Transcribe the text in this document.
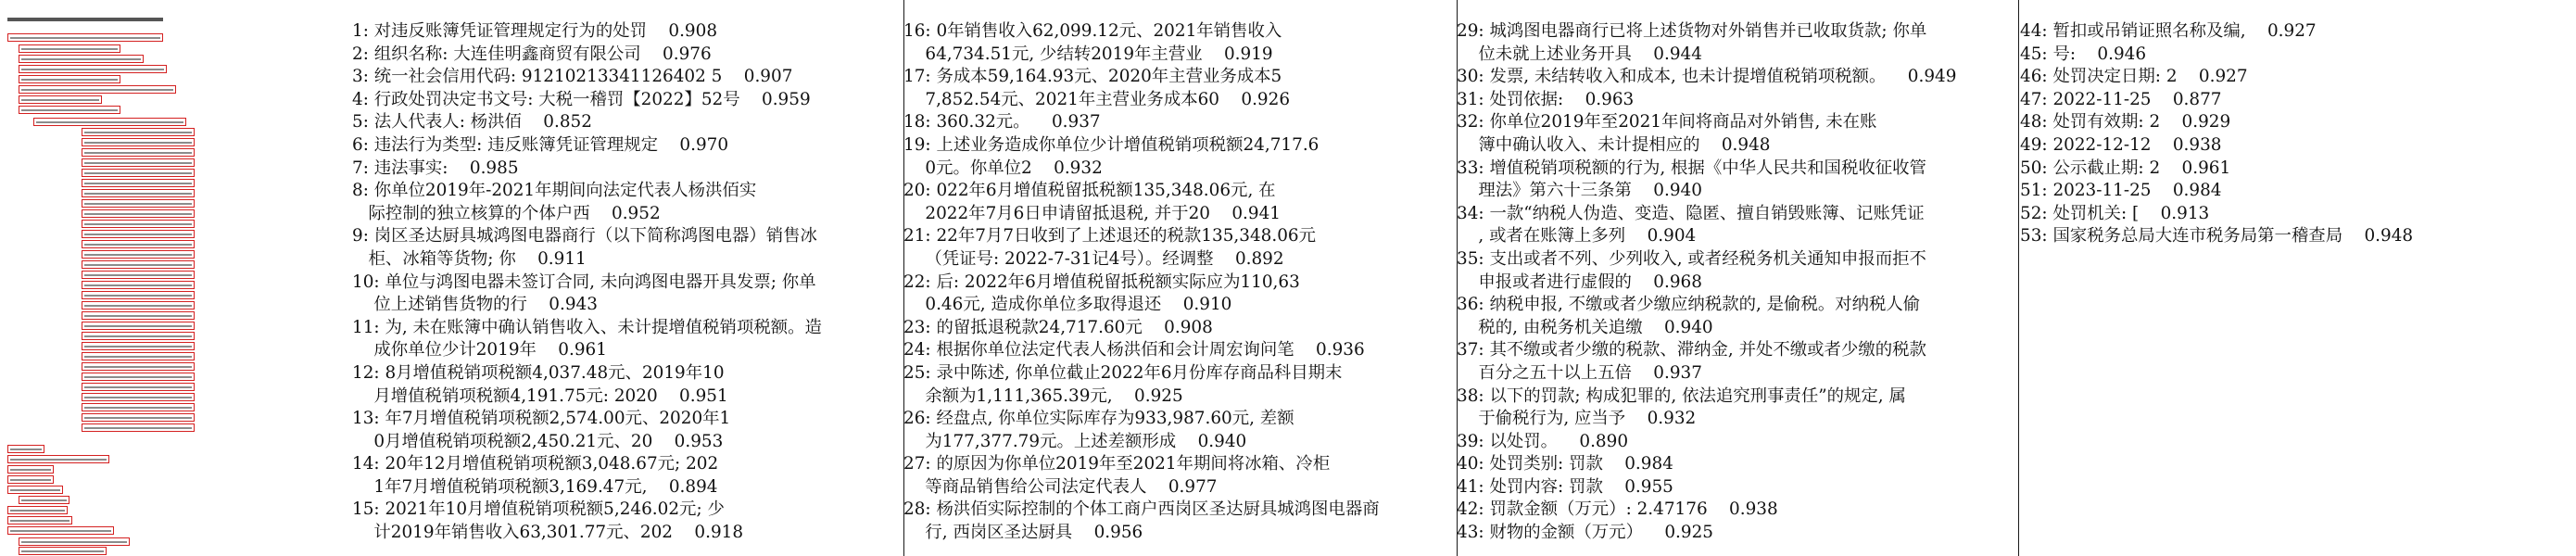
1: 对违反账簿凭证管理规定行为的处罚    0.908
2: 组织名称: 大连佳明鑫商贸有限公司    0.976
3: 统一社会信用代码: 91210213341126402 5    0.907
4: 行政处罚决定书文号: 大税一稽罚【2022】52号    0.959
5: 法人代表人: 杨洪佰    0.852
6: 违法行为类型: 违反账簿凭证管理规定    0.970
7: 违法事实:    0.985
8: 你单位2019年-2021年期间向法定代表人杨洪佰实
际控制的独立核算的个体户西    0.952
9: 岗区圣达厨具城鸿图电器商行（以下简称鸿图电器）销售冰
柜、冰箱等货物; 你    0.911
10: 单位与鸿图电器未签订合同, 未向鸿图电器开具发票; 你单
位上述销售货物的行    0.943
11: 为, 未在账簿中确认销售收入、未计提增值税销项税额。造
成你单位少计2019年    0.961
12: 8月增值税销项税额4,037.48元、2019年10
月增值税销项税额4,191.75元: 2020    0.951
13: 年7月增值税销项税额2,574.00元、2020年1
0月增值税销项税额2,450.21元、20    0.953
14: 20年12月增值税销项税额3,048.67元; 202
1年7月增值税销项税额3,169.47元,    0.894
15: 2021年10月增值税销项税额5,246.02元; 少
计2019年销售收入63,301.77元、202    0.918
16: 0年销售收入62,099.12元、2021年销售收入
64,734.51元, 少结转2019年主营业    0.919
17: 务成本59,164.93元、2020年主营业务成本5
7,852.54元、2021年主营业务成本60    0.926
18: 360.32元。    0.937
19: 上述业务造成你单位少计增值税销项税额24,717.6
0元。你单位2    0.932
20: 022年6月增值税留抵税额135,348.06元, 在
2022年7月6日申请留抵退税, 并于20    0.941
21: 22年7月7日收到了上述退还的税款135,348.06元
（凭证号: 2022-7-31记4号）。经调整    0.892
22: 后: 2022年6月增值税留抵税额实际应为110,63
0.46元, 造成你单位多取得退还    0.910
23: 的留抵退税款24,717.60元    0.908
24: 根据你单位法定代表人杨洪佰和会计周宏询问笔    0.936
25: 录中陈述, 你单位截止2022年6月份库存商品科目期末
余额为1,111,365.39元,    0.925
26: 经盘点, 你单位实际库存为933,987.60元, 差额
为177,377.79元。上述差额形成    0.940
27: 的原因为你单位2019年至2021年期间将冰箱、冷柜
等商品销售给公司法定代表人    0.977
28: 杨洪佰实际控制的个体工商户西岗区圣达厨具城鸿图电器商
行, 西岗区圣达厨具    0.956
29: 城鸿图电器商行已将上述货物对外销售并已收取货款; 你单
位未就上述业务开具    0.944
30: 发票, 未结转收入和成本, 也未计提增值税销项税额。    0.949
31: 处罚依据:    0.963
32: 你单位2019年至2021年间将商品对外销售, 未在账
簿中确认收入、未计提相应的    0.948
33: 增值税销项税额的行为, 根据《中华人民共和国税收征收管
理法》第六十三条第    0.940
34: 一款“纳税人伪造、变造、隐匿、擅自销毁账簿、记账凭证
, 或者在账簿上多列    0.904
35: 支出或者不列、少列收入, 或者经税务机关通知申报而拒不
申报或者进行虚假的    0.968
36: 纳税申报, 不缴或者少缴应纳税款的, 是偷税。对纳税人偷
税的, 由税务机关追缴    0.940
37: 其不缴或者少缴的税款、滞纳金, 并处不缴或者少缴的税款
百分之五十以上五倍    0.937
38: 以下的罚款; 构成犯罪的, 依法追究刑事责任”的规定, 属
于偷税行为, 应当予    0.932
39: 以处罚。    0.890
40: 处罚类别: 罚款    0.984
41: 处罚内容: 罚款    0.955
42: 罚款金额（万元）: 2.47176    0.938
43: 财物的金额（万元）    0.925
44: 暂扣或吊销证照名称及编,    0.927
45: 号:    0.946
46: 处罚决定日期: 2    0.927
47: 2022-11-25    0.877
48: 处罚有效期: 2    0.929
49: 2022-12-12    0.938
50: 公示截止期: 2    0.961
51: 2023-11-25    0.984
52: 处罚机关: [    0.913
53: 国家税务总局大连市税务局第一稽查局    0.948
